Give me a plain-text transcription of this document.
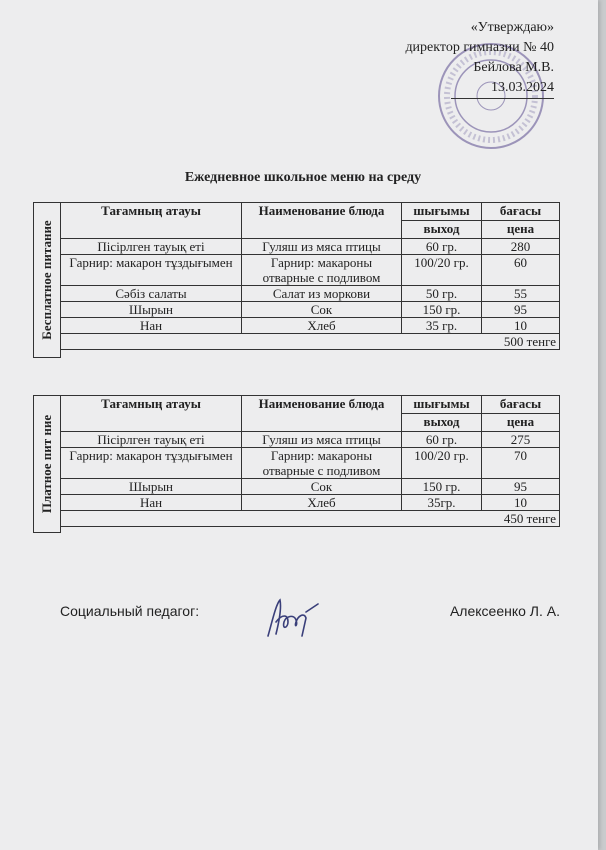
«Утверждаю»
директор гимназии № 40
Бейлова М.В.
13.03.2024
Ежедневное школьное меню на среду
Бесплатное питание
Тағамның атауы	Наименование блюда	шығымы	бағасы
		выход	цена
Пісірлген тауық еті	Гуляш из мяса птицы	60 гр.	280
Гарнир: макарон тұздығымен	Гарнир: макароны отварные с подливом	100/20 гр.	60
Сәбіз салаты	Салат из моркови	50 гр.	55
Шырын	Сок	150 гр.	95
Нан	Хлеб	35 гр.	10
500 тенге			
Платное пит ние
Тағамның атауы	Наименование блюда	шығымы	бағасы
		выход	цена
Пісірлген тауық еті	Гуляш из мяса птицы	60 гр.	275
Гарнир: макарон тұздығымен	Гарнир: макароны отварные с подливом	100/20 гр.	70
Шырын	Сок	150 гр.	95
Нан	Хлеб	35гр.	10
450 тенге			
Социальный педагог:	Алексеенко Л. А.
